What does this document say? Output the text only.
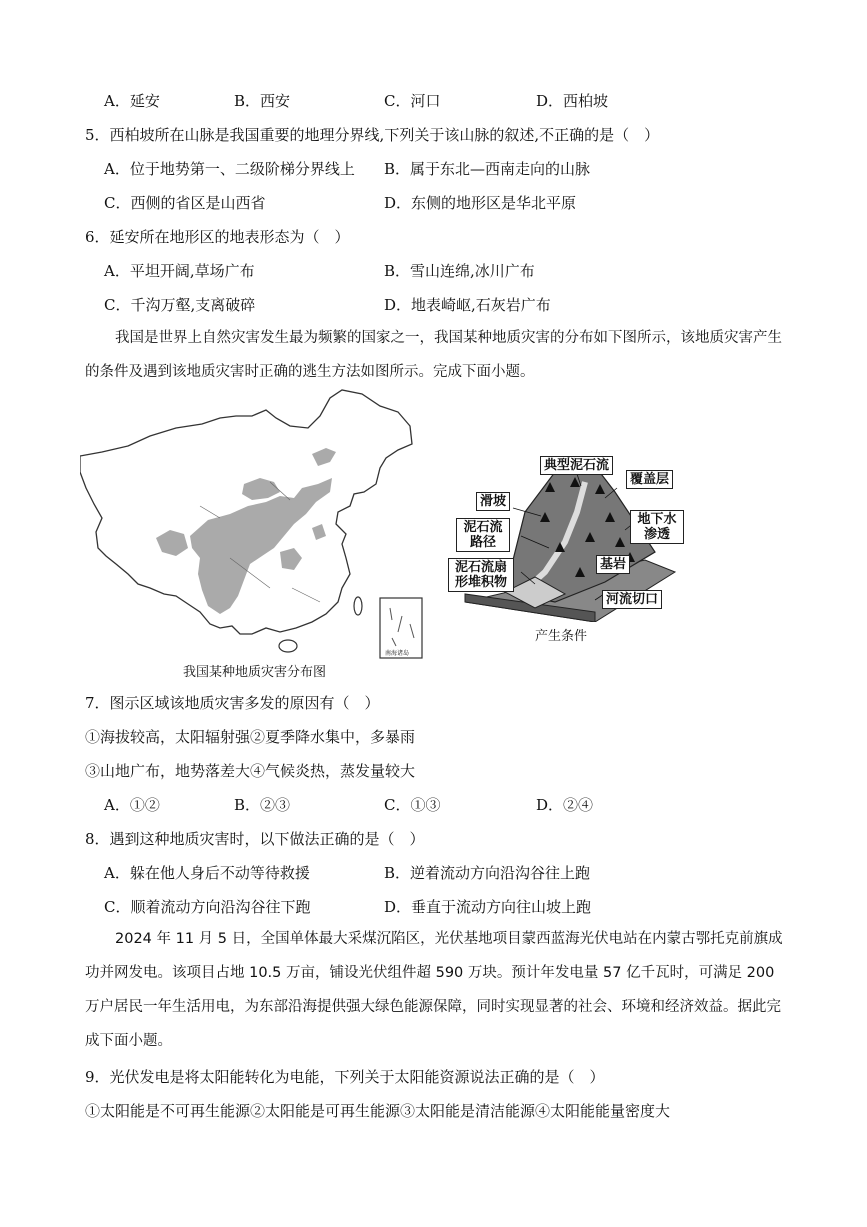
A．延安	B．西安	C．河口	D．西柏坡
5．西柏坡所在山脉是我国重要的地理分界线,下列关于该山脉的叙述,不正确的是（　）
A．位于地势第一、二级阶梯分界线上 B．属于东北—西南走向的山脉
C．西侧的省区是山西省	D．东侧的地形区是华北平原
6．延安所在地形区的地表形态为（　）
A．平坦开阔,草场广布	B．雪山连绵,冰川广布
C．千沟万壑,支离破碎	D．地表崎岖,石灰岩广布
我国是世界上自然灾害发生最为频繁的国家之一，我国某种地质灾害的分布如下图所示，该地质灾害产生的条件及遇到该地质灾害时正确的逃生方法如图所示。完成下面小题。
南海诸岛
我国某种地质灾害分布图
典型泥石流
覆盖层
滑坡
地下水渗透
泥石流路径
泥石流扇形堆积物
基岩
河流切口
产生条件
7．图示区域该地质灾害多发的原因有（　）
①海拔较高，太阳辐射强②夏季降水集中，多暴雨
③山地广布，地势落差大④气候炎热，蒸发量较大
A．①②	B．②③	C．①③	D．②④
8．遇到这种地质灾害时，以下做法正确的是（　）
A．躲在他人身后不动等待救援	B．逆着流动方向沿沟谷往上跑
C．顺着流动方向沿沟谷往下跑	D．垂直于流动方向往山坡上跑
2024 年 11 月 5 日，全国单体最大采煤沉陷区，光伏基地项目蒙西蓝海光伏电站在内蒙古鄂托克前旗成功并网发电。该项目占地 10.5 万亩，铺设光伏组件超 590 万块。预计年发电量 57 亿千瓦时，可满足 200 万户居民一年生活用电，为东部沿海提供强大绿色能源保障，同时实现显著的社会、环境和经济效益。据此完成下面小题。
9．光伏发电是将太阳能转化为电能，下列关于太阳能资源说法正确的是（　）
①太阳能是不可再生能源②太阳能是可再生能源③太阳能是清洁能源④太阳能能量密度大
